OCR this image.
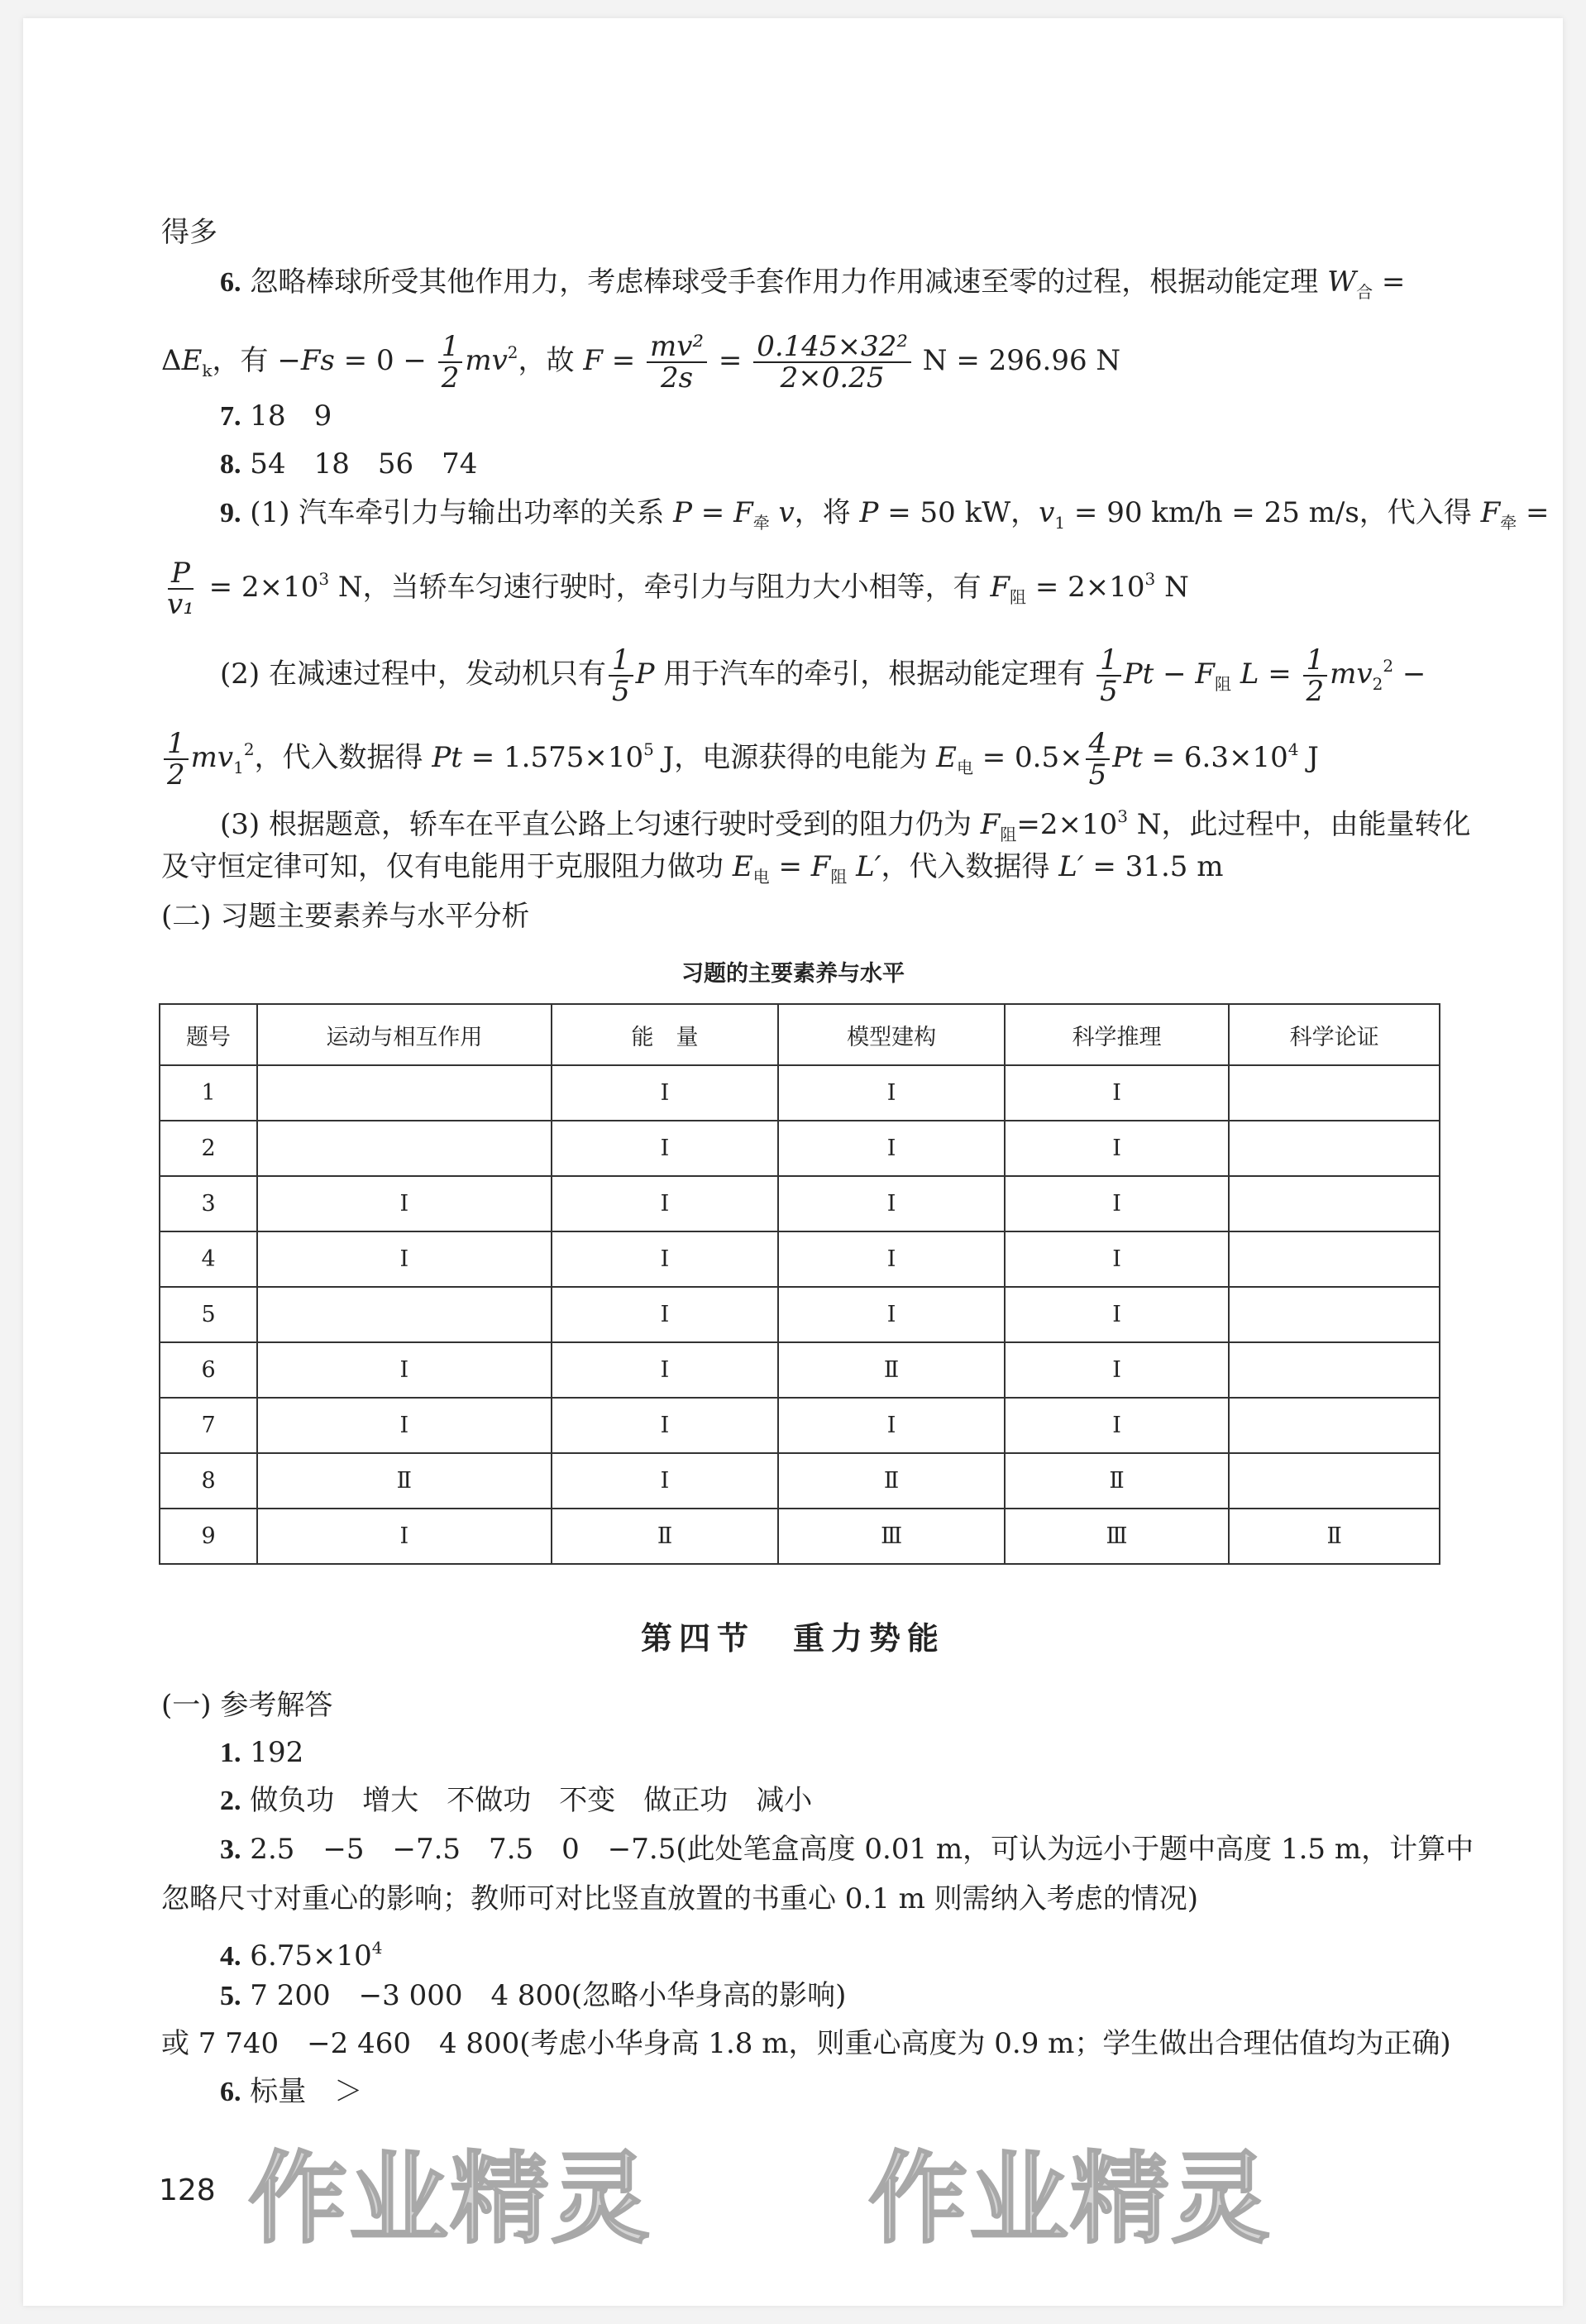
得多
6. 忽略棒球所受其他作用力，考虑棒球受手套作用力作用减速至零的过程，根据动能定理 $W_合$ =
$\Delta E_k$，有 $-Fs = 0 - \frac{1}{2} mv^2$，故 $F = \frac{\text{mv²}}{2s} = \frac{\text{0.145×32²}}{2\times 0.25}$ N = 296.96 N
7. 18　9
8. 54　18　56　74
9. (1) 汽车牵引力与输出功率的关系 $P = F_牵$ v，将 P = 50 kW，$v_1 = 90$ km/h = 25 m/s，代入得 $F_牵$ =
$\frac{P}{\text{v₁}} = 2\times 10^3$ N，当轿车匀速行驶时，牵引力与阻力大小相等，有 $F_阻 = 2\times 10^3$ N
(2) 在减速过程中，发动机只有 $\frac{1}{5}$ P 用于汽车的牵引，根据动能定理有 $\frac{1}{5}$ $Pt - F_阻$ $L = \frac{1}{2} mv_2^2$ −
$\frac{1}{2} mv_1^2$，代入数据得 $Pt = 1.575\times 10^5$ J，电源获得的电能为 $E_电 = 0.5\times \frac{4}{5}$ $Pt = 6.3\times 10^4$ J
(3) 根据题意，轿车在平直公路上匀速行驶时受到的阻力仍为 $F_阻=2\times 10^3$ N，此过程中，由能量转化
及守恒定律可知，仅有电能用于克服阻力做功 $E_电 = F_阻$ L′，代入数据得 L′ = 31.5 m
(二) 习题主要素养与水平分析
(一) 参考解答
1. 192
2. 做负功　增大　不做功　不变　做正功　减小
3. 2.5　−5　−7.5　7.5　0　−7.5(此处笔盒高度 0.01 m，可认为远小于题中高度 1.5 m，计算中
忽略尺寸对重心的影响；教师可对比竖直放置的书重心 0.1 m 则需纳入考虑的情况)
4. $6.75\times 10^4$
5. 7 200　−3 000　4 800(忽略小华身高的影响)
或 7 740　−2 460　4 800(考虑小华身高 1.8 m，则重心高度为 0.9 m；学生做出合理估值均为正确)
6. 标量　＞
习题的主要素养与水平
题号	运动与相互作用	能　量	模型建构	科学推理	科学论证
1		Ⅰ	Ⅰ	Ⅰ	
2		Ⅰ	Ⅰ	Ⅰ	
3	Ⅰ	Ⅰ	Ⅰ	Ⅰ	
4	Ⅰ	Ⅰ	Ⅰ	Ⅰ	
5		Ⅰ	Ⅰ	Ⅰ	
6	Ⅰ	Ⅰ	Ⅱ	Ⅰ	
7	Ⅰ	Ⅰ	Ⅰ	Ⅰ	
8	Ⅱ	Ⅰ	Ⅱ	Ⅱ	
9	Ⅰ	Ⅱ	Ⅲ	Ⅲ	Ⅱ
第四节　重力势能
128 作业精灵 作业精灵
